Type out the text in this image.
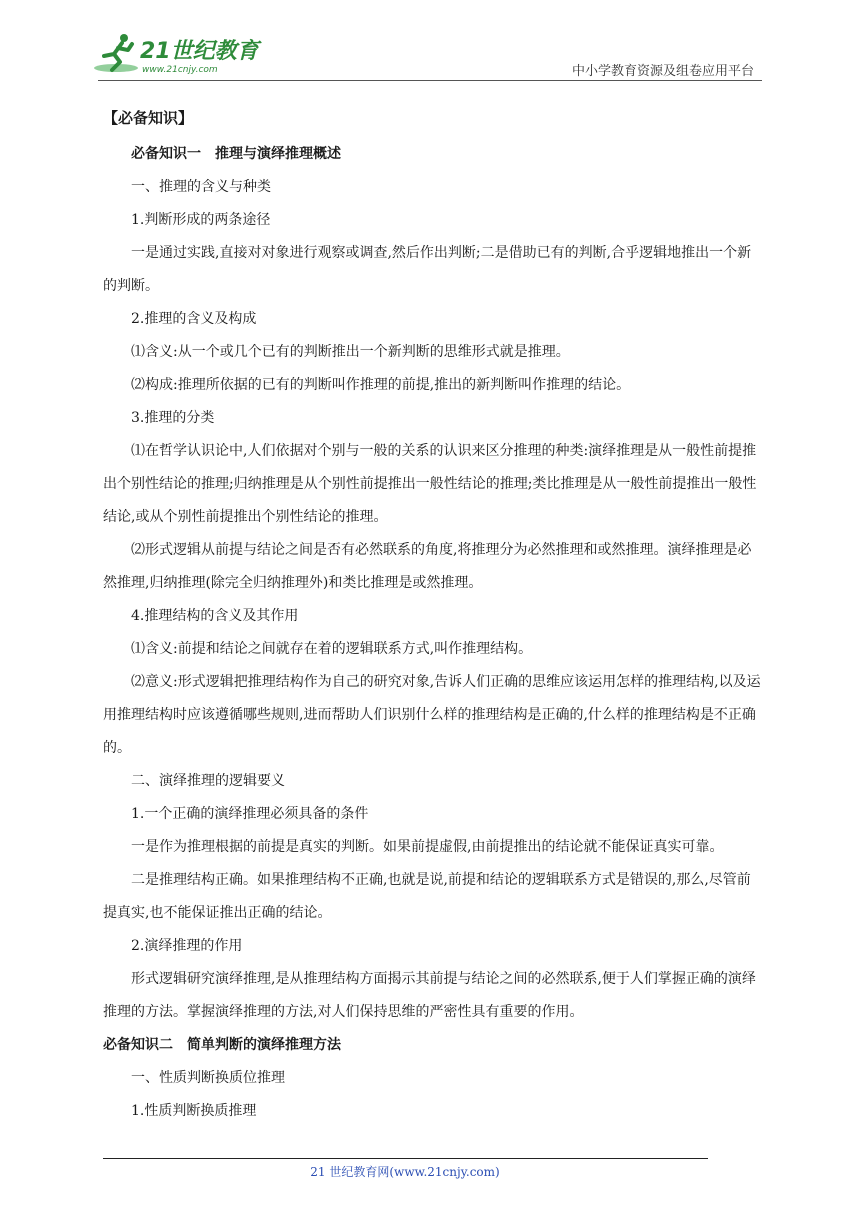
21世纪教育
www.21cnjy.com	中小学教育资源及组卷应用平台

【必备知识】

必备知识一　推理与演绎推理概述

一、推理的含义与种类

1.判断形成的两条途径

一是通过实践,直接对对象进行观察或调查,然后作出判断;二是借助已有的判断,合乎逻辑地推出一个新的判断。

2.推理的含义及构成

⑴含义:从一个或几个已有的判断推出一个新判断的思维形式就是推理。

⑵构成:推理所依据的已有的判断叫作推理的前提,推出的新判断叫作推理的结论。

3.推理的分类

⑴在哲学认识论中,人们依据对个别与一般的关系的认识来区分推理的种类:演绎推理是从一般性前提推出个别性结论的推理;归纳推理是从个别性前提推出一般性结论的推理;类比推理是从一般性前提推出一般性结论,或从个别性前提推出个别性结论的推理。

⑵形式逻辑从前提与结论之间是否有必然联系的角度,将推理分为必然推理和或然推理。演绎推理是必然推理,归纳推理(除完全归纳推理外)和类比推理是或然推理。

4.推理结构的含义及其作用

⑴含义:前提和结论之间就存在着的逻辑联系方式,叫作推理结构。

⑵意义:形式逻辑把推理结构作为自己的研究对象,告诉人们正确的思维应该运用怎样的推理结构,以及运用推理结构时应该遵循哪些规则,进而帮助人们识别什么样的推理结构是正确的,什么样的推理结构是不正确的。

二、演绎推理的逻辑要义

1.一个正确的演绎推理必须具备的条件

一是作为推理根据的前提是真实的判断。如果前提虚假,由前提推出的结论就不能保证真实可靠。

二是推理结构正确。如果推理结构不正确,也就是说,前提和结论的逻辑联系方式是错误的,那么,尽管前提真实,也不能保证推出正确的结论。

2.演绎推理的作用

形式逻辑研究演绎推理,是从推理结构方面揭示其前提与结论之间的必然联系,便于人们掌握正确的演绎推理的方法。掌握演绎推理的方法,对人们保持思维的严密性具有重要的作用。

必备知识二　简单判断的演绎推理方法

一、性质判断换质位推理

1.性质判断换质推理

21 世纪教育网(www.21cnjy.com)
